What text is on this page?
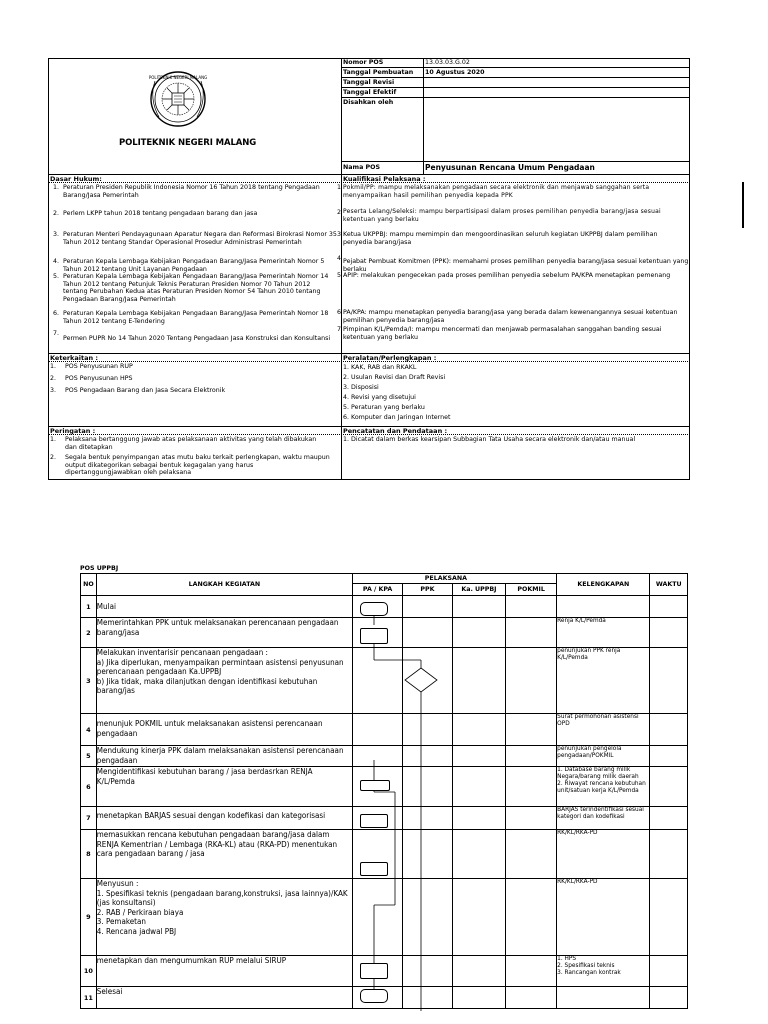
POLITEKNIK NEGERI MALANG
POLITEKNIK NEGERI MALANG
Nomor POS	13.03.03.G.02
Tanggal Pembuatan 10 Agustus 2020
Tanggal Revisi
Tanggal Efektif
Disahkan oleh
Nama POS	Penyusunan Rencana Umum Pengadaan
Dasar Hukum:
1. Peraturan Presiden Republik Indonesia Nomor 16 Tahun 2018 tentang Pengadaan Barang/Jasa Pemerintah
2. Perlem LKPP tahun 2018 tentang pengadaan barang dan jasa
3. Peraturan Menteri Pendayagunaan Aparatur Negara dan Reformasi Birokrasi Nomor 35 Tahun 2012 tentang Standar Operasional Prosedur Administrasi Pemerintah
4. Peraturan Kepala Lembaga Kebijakan Pengadaan Barang/Jasa Pemerintah Nomor 5 Tahun 2012 tentang Unit Layanan Pengadaan
5. Peraturan Kepala Lembaga Kebijakan Pengadaan Barang/Jasa Pemerintah Nomor 14 Tahun 2012 tentang Petunjuk Teknis Peraturan Presiden Nomor 70 Tahun 2012 tentang Perubahan Kedua atas Peraturan Presiden Nomor 54 Tahun 2010 tentang Pengadaan Barang/Jasa Pemerintah
6. Peraturan Kepala Lembaga Kebijakan Pengadaan Barang/Jasa Pemerintah Nomor 18 Tahun 2012 tentang E-Tendering
7.
Permen PUPR No 14 Tahun 2020 Tentang Pengadaan Jasa Konstruksi dan Konsultansi
Kualifikasi Pelaksana :
1 Pokmil/PP: mampu melaksanakan pengadaan secara elektronik dan menjawab sanggahan serta menyampaikan hasil pemilihan penyedia kepada PPK
2 Peserta Lelang/Seleksi: mampu berpartisipasi dalam proses pemilihan penyedia barang/jasa sesuai ketentuan yang berlaku
3 Ketua UKPPBJ: mampu memimpin dan mengoordinasikan seluruh kegiatan UKPPBJ dalam pemilihan penyedia barang/jasa
4 Pejabat Pembuat Komitmen (PPK): memahami proses pemilihan penyedia barang/jasa sesuai ketentuan yang berlaku
5 APIP: melakukan pengecekan pada proses pemilihan penyedia sebelum PA/KPA menetapkan pemenang
6 PA/KPA: mampu menetapkan penyedia barang/jasa yang berada dalam kewenangannya sesuai ketentuan pemilihan penyedia barang/jasa
7 Pimpinan K/L/Pemda/I: mampu mencermati dan menjawab permasalahan sanggahan banding sesuai ketentuan yang berlaku
Keterkaitan :
1. POS Penyusunan RUP
2. POS Penyusunan HPS
3. POS Pengadaan Barang dan Jasa Secara Elektronik
Peralatan/Perlengkapan :
1. KAK, RAB dan RKAKL
2. Usulan Revisi dan Draft Revisi
3. Disposisi
4. Revisi yang disetujui
5. Peraturan yang berlaku
6. Komputer dan Jaringan Internet
Peringatan :
1. Pelaksana bertanggung jawab atas pelaksanaan aktivitas yang telah dibakukan dan ditetapkan
2. Segala bentuk penyimpangan atas mutu baku terkait perlengkapan, waktu maupun output dikategorikan sebagai bentuk kegagalan yang harus dipertanggungjawabkan oleh pelaksana
Pencatatan dan Pendataan :
1. Dicatat dalam berkas kearsipan Subbagian Tata Usaha secara elektronik dan/atau manual
POS UPPBJ
NO	LANGKAH KEGIATAN		PELAKSANA			KELENGKAPAN	WAKTU
		PA / KPA	PPK	Ka. UPPBJ	POKMIL		
1	Mulai						
2	Memerintahkan PPK untuk melaksanakan perencanaan pengadaan barang/jasa					Renja K/L/Pemda	
3	Melakukan inventarisir pencanaan pengadaan :
a) Jika diperlukan, menyampaikan permintaan asistensi penyusunan perencanaan pengadaan Ka.UPPBJ
b) Jika tidak, maka dilanjutkan dengan identifikasi kebutuhan barang/jas					penunjukan PPK renja K/L/Pemda	
4	menunjuk POKMIL untuk melaksanakan asistensi perencanaan pengadaan					Surat permohonan asistensi OPD	
5	Mendukung kinerja PPK dalam melaksanakan asistensi perencanaan pengadaan					penunjukan pengelola pengadaan/POKMIL	
6	Mengidentifikasi kebutuhan barang / jasa berdasrkan RENJA K/L/Pemda					1. Database barang milik Negara/barang milik daerah
2. Riwayat rencana kebutuhan unit/satuan kerja K/L/Pemda	
7	menetapkan BARJAS sesuai dengan kodefikasi dan kategorisasi					BARJAS terindentifikasi sesuai kategori dan kodefikasi	
8	memasukkan rencana kebutuhan pengadaan barang/jasa dalam RENJA Kementrian / Lembaga (RKA-KL) atau (RKA-PD) menentukan cara pengadaan barang / jasa					RK/KL/RKA-PD	
9	Menyusun :
1. Spesifikasi teknis (pengadaan barang,konstruksi, jasa lainnya)/KAK (jas konsultansi)
2. RAB / Perkiraan biaya
3. Pemaketan
4. Rencana jadwal PBJ					RK/KL/RKA-PD	
10	menetapkan dan mengumumkan RUP melalui SIRUP					1. HPS
2. Spesifikasi teknis
3. Rancangan kontrak	
11	Selesai						
